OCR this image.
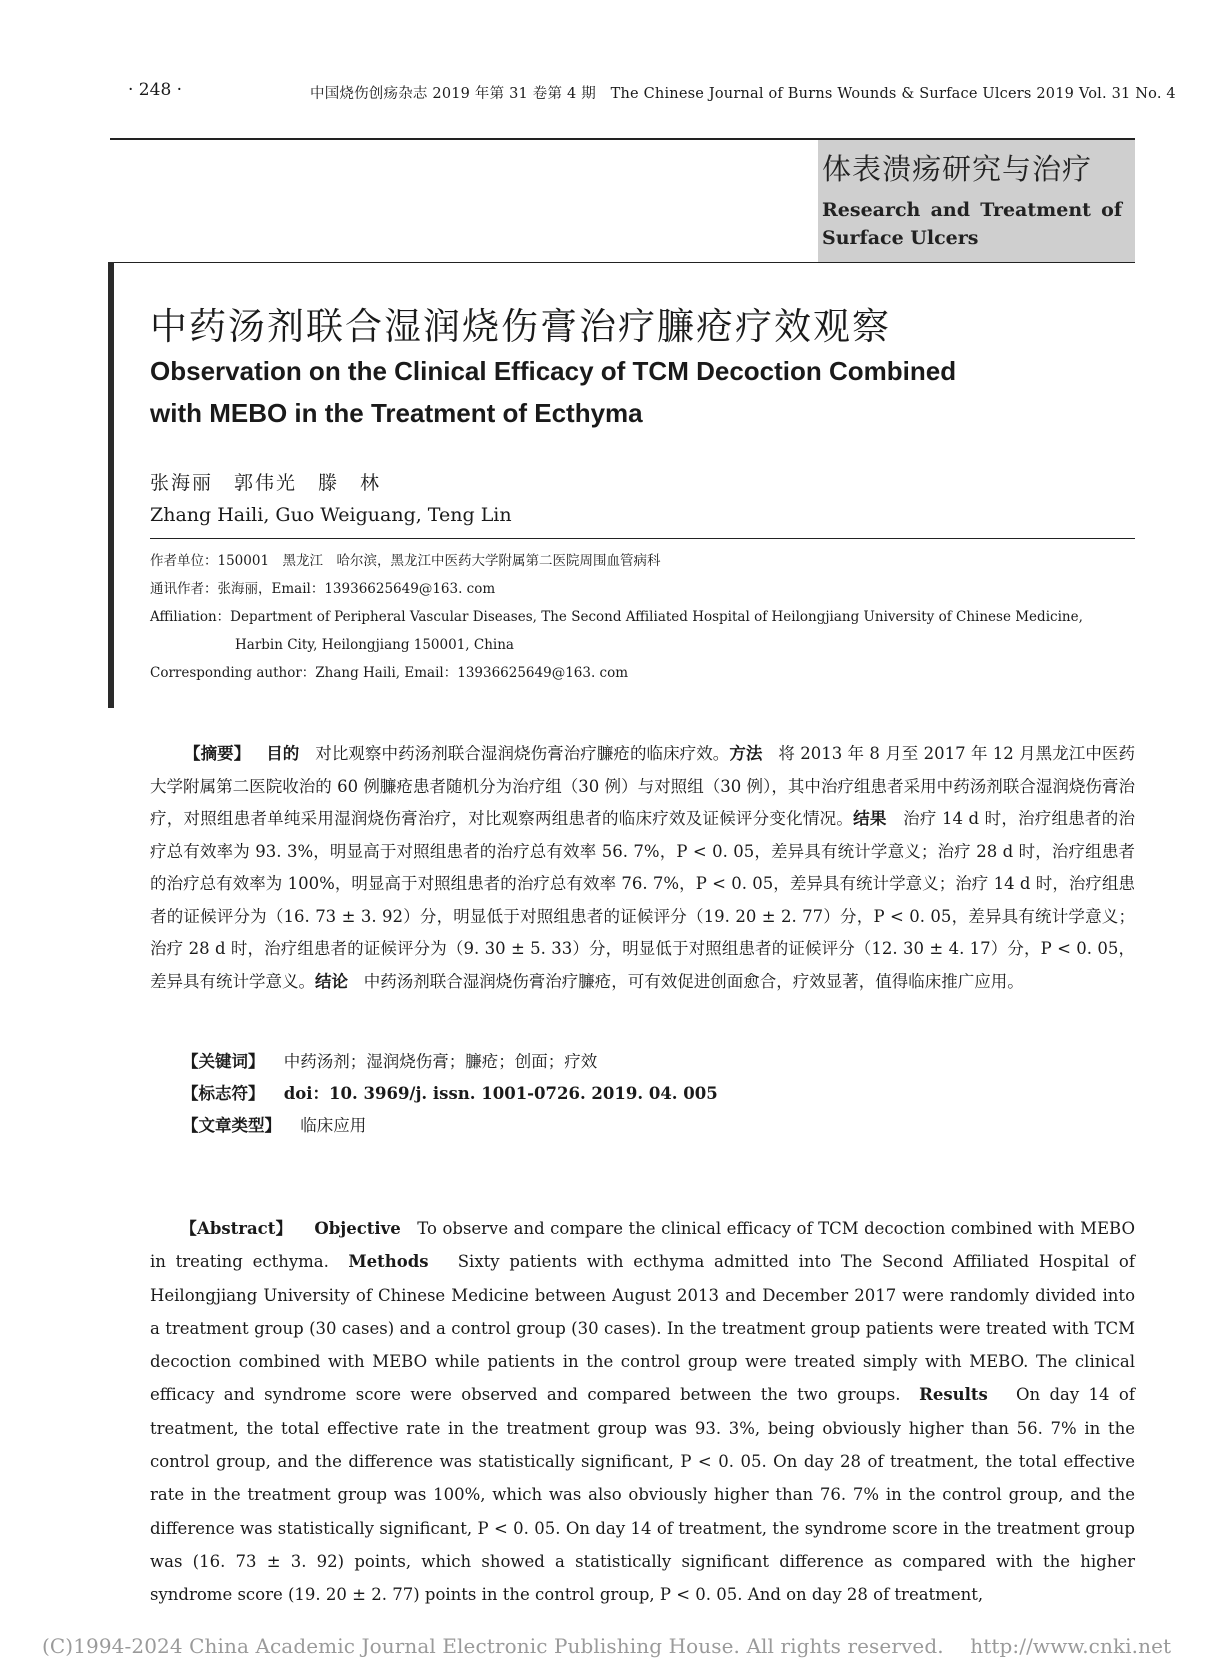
· 248 ·	中国烧伤创疡杂志 2019 年第 31 卷第 4 期　The Chinese Journal of Burns Wounds & Surface Ulcers 2019 Vol. 31 No. 4
体表溃疡研究与治疗
Research and Treatment of
Surface Ulcers
中药汤剂联合湿润烧伤膏治疗臁疮疗效观察
Observation on the Clinical Efficacy of TCM Decoction Combined with MEBO in the Treatment of Ecthyma
张海丽　郭伟光　滕　林
Zhang Haili, Guo Weiguang, Teng Lin
作者单位：150001　黑龙江　哈尔滨，黑龙江中医药大学附属第二医院周围血管病科
通讯作者：张海丽，Email：13936625649@163. com
Affiliation：Department of Peripheral Vascular Diseases, The Second Affiliated Hospital of Heilongjiang University of Chinese Medicine,
Harbin City, Heilongjiang 150001, China
Corresponding author：Zhang Haili, Email：13936625649@163. com
【摘要】 目的 对比观察中药汤剂联合湿润烧伤膏治疗臁疮的临床疗效。方法 将 2013 年 8 月至 2017 年 12 月黑龙江中医药大学附属第二医院收治的 60 例臁疮患者随机分为治疗组（30 例）与对照组（30 例），其中治疗组患者采用中药汤剂联合湿润烧伤膏治疗，对照组患者单纯采用湿润烧伤膏治疗，对比观察两组患者的临床疗效及证候评分变化情况。结果 治疗 14 d 时，治疗组患者的治疗总有效率为 93. 3%，明显高于对照组患者的治疗总有效率 56. 7%，P < 0. 05，差异具有统计学意义；治疗 28 d 时，治疗组患者的治疗总有效率为 100%，明显高于对照组患者的治疗总有效率 76. 7%，P < 0. 05，差异具有统计学意义；治疗 14 d 时，治疗组患者的证候评分为（16. 73 ± 3. 92）分，明显低于对照组患者的证候评分（19. 20 ± 2. 77）分，P < 0. 05，差异具有统计学意义；治疗 28 d 时，治疗组患者的证候评分为（9. 30 ± 5. 33）分，明显低于对照组患者的证候评分（12. 30 ± 4. 17）分，P < 0. 05，差异具有统计学意义。结论 中药汤剂联合湿润烧伤膏治疗臁疮，可有效促进创面愈合，疗效显著，值得临床推广应用。
【关键词】 中药汤剂；湿润烧伤膏；臁疮；创面；疗效
【标志符】 doi：10. 3969/j. issn. 1001-0726. 2019. 04. 005
【文章类型】 临床应用
【Abstract】 Objective To observe and compare the clinical efficacy of TCM decoction combined with MEBO in treating ecthyma. Methods Sixty patients with ecthyma admitted into The Second Affiliated Hospital of Heilongjiang University of Chinese Medicine between August 2013 and December 2017 were randomly divided into a treatment group (30 cases) and a control group (30 cases). In the treatment group patients were treated with TCM decoction combined with MEBO while patients in the control group were treated simply with MEBO. The clinical efficacy and syndrome score were observed and compared between the two groups. Results On day 14 of treatment, the total effective rate in the treatment group was 93. 3%, being obviously higher than 56. 7% in the control group, and the difference was statistically significant, P < 0. 05. On day 28 of treatment, the total effective rate in the treatment group was 100%, which was also obviously higher than 76. 7% in the control group, and the difference was statistically significant, P < 0. 05. On day 14 of treatment, the syndrome score in the treatment group was (16. 73 ± 3. 92) points, which showed a statistically significant difference as compared with the higher syndrome score (19. 20 ± 2. 77) points in the control group, P < 0. 05. And on day 28 of treatment,
(C)1994-2024 China Academic Journal Electronic Publishing House. All rights reserved.　 http://www.cnki.net
